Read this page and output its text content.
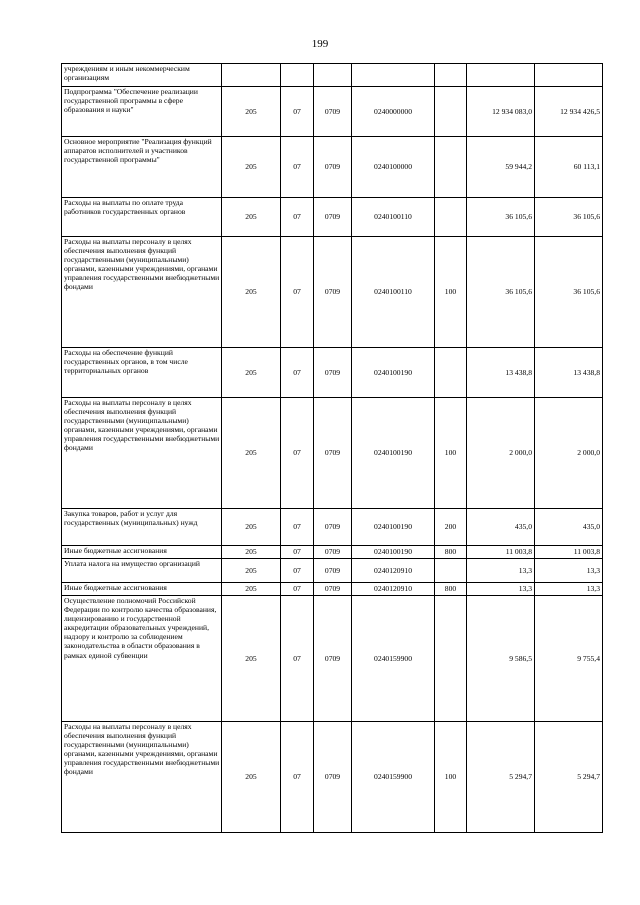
199
учреждениям и иным некоммерческим организациям							
Подпрограмма "Обеспечение реализации государственной программы в сфере образования и науки"	205	07	0709	0240000000		12 934 083,0	12 934 426,5
Основное мероприятие "Реализация функций аппаратов исполнителей и участников государственной программы"	205	07	0709	0240100000		59 944,2	60 113,1
Расходы на выплаты по оплате труда работников государственных органов	205	07	0709	0240100110		36 105,6	36 105,6
Расходы на выплаты персоналу в целях обеспечения выполнения функций государственными (муниципальными) органами, казенными учреждениями, органами управления государственными внебюджетными фондами	205	07	0709	0240100110	100	36 105,6	36 105,6
Расходы на обеспечение функций государственных органов, в том числе территориальных органов	205	07	0709	0240100190		13 438,8	13 438,8
Расходы на выплаты персоналу в целях обеспечения выполнения функций государственными (муниципальными) органами, казенными учреждениями, органами управления государственными внебюджетными фондами	205	07	0709	0240100190	100	2 000,0	2 000,0
Закупка товаров, работ и услуг для государственных (муниципальных) нужд	205	07	0709	0240100190	200	435,0	435,0
Иные бюджетные ассигнования	205	07	0709	0240100190	800	11 003,8	11 003,8
Уплата налога на имущество организаций	205	07	0709	0240120910		13,3	13,3
Иные бюджетные ассигнования	205	07	0709	0240120910	800	13,3	13,3
Осуществление полномочий Российской Федерации по контролю качества образования, лицензированию и государственной аккредитации образовательных учреждений, надзору и контролю за соблюдением законодательства в области образования в рамках единой субвенции	205	07	0709	0240159900		9 586,5	9 755,4
Расходы на выплаты персоналу в целях обеспечения выполнения функций государственными (муниципальными) органами, казенными учреждениями, органами управления государственными внебюджетными фондами	205	07	0709	0240159900	100	5 294,7	5 294,7
